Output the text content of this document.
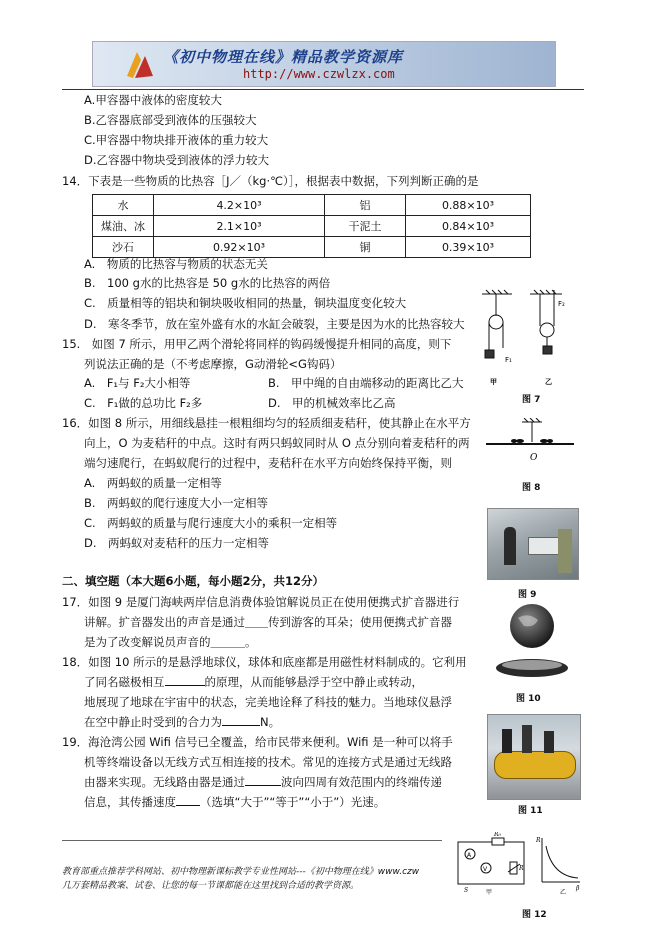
《初中物理在线》精品教学资源库
http://www.czwlzx.com
A.甲容器中液体的密度较大
B.乙容器底部受到液体的压强较大
C.甲容器中物块排开液体的重力较大
D.乙容器中物块受到液体的浮力较大
14．下表是一些物质的比热容［J／（kg·℃）］，根据表中数据，下列判断正确的是
水	4.2×10³	铝	0.88×10³
煤油、冰	2.1×10³	干泥土	0.84×10³
沙石	0.92×10³	铜	0.39×10³
A.　物质的比热容与物质的状态无关
B.　100 g水的比热容是 50 g水的比热容的两倍
C.　质量相等的铝块和铜块吸收相同的热量，铜块温度变化较大
D.　寒冬季节，放在室外盛有水的水缸会破裂，主要是因为水的比热容较大
F₁
F₂
甲	乙
图 7
15.　如图 7 所示，用甲乙两个滑轮将同样的钩码缓慢提升相同的高度，则下
列说法正确的是（不考虑摩擦，G动滑轮<G钩码）
A.　F₁与 F₂大小相等	B.　甲中绳的自由端移动的距离比乙大
C.　F₁做的总功比 F₂多	D.　甲的机械效率比乙高
16．如图 8 所示，用细线悬挂一根粗细均匀的轻质细麦秸秆，使其静止在水平方
向上，O 为麦秸秆的中点。这时有两只蚂蚁同时从 O 点分别向着麦秸秆的两
端匀速爬行，在蚂蚁爬行的过程中，麦秸秆在水平方向始终保持平衡，则
A.　两蚂蚁的质量一定相等
B.　两蚂蚁的爬行速度大小一定相等
C.　两蚂蚁的质量与爬行速度大小的乘积一定相等
D.　两蚂蚁对麦秸秆的压力一定相等
O
图 8
图 9
二、填空题（本大题6小题，每小题2分，共12分）
17．如图 9 是厦门海峡两岸信息消费体验馆解说员正在使用便携式扩音器进行
讲解。扩音器发出的声音是通过＿＿传到游客的耳朵；使用便携式扩音器
是为了改变解说员声音的＿＿＿。
图 10
18．如图 10 所示的是悬浮地球仪，球体和底座都是用磁性材料制成的。它利用
了同名磁极相互	的原理，从而能够悬浮于空中静止或转动，
地展现了地球在宇宙中的状态，完美地诠释了科技的魅力。当地球仪悬浮
在空中静止时受到的合力为	N。
19．海沧湾公园 Wifi 信号已全覆盖，给市民带来便利。Wifi 是一种可以将手
机等终端设备以无线方式互相连接的技术。常见的连接方式是通过无线路
由器来实现。无线路由器是通过	波向四周有效范围内的终端传递
信息，其传播速度 （选填“大于”“等于”“小于”）光速。
图 11
A
V
R₀
R
S	甲
R
乙
β
图 12
教育部重点推荐学科网站、初中物理新课标教学专业性网站---《初中物理在线》www.czw
几万套精品教案、试卷、让您的每一节课都能在这里找到合适的教学资源。
